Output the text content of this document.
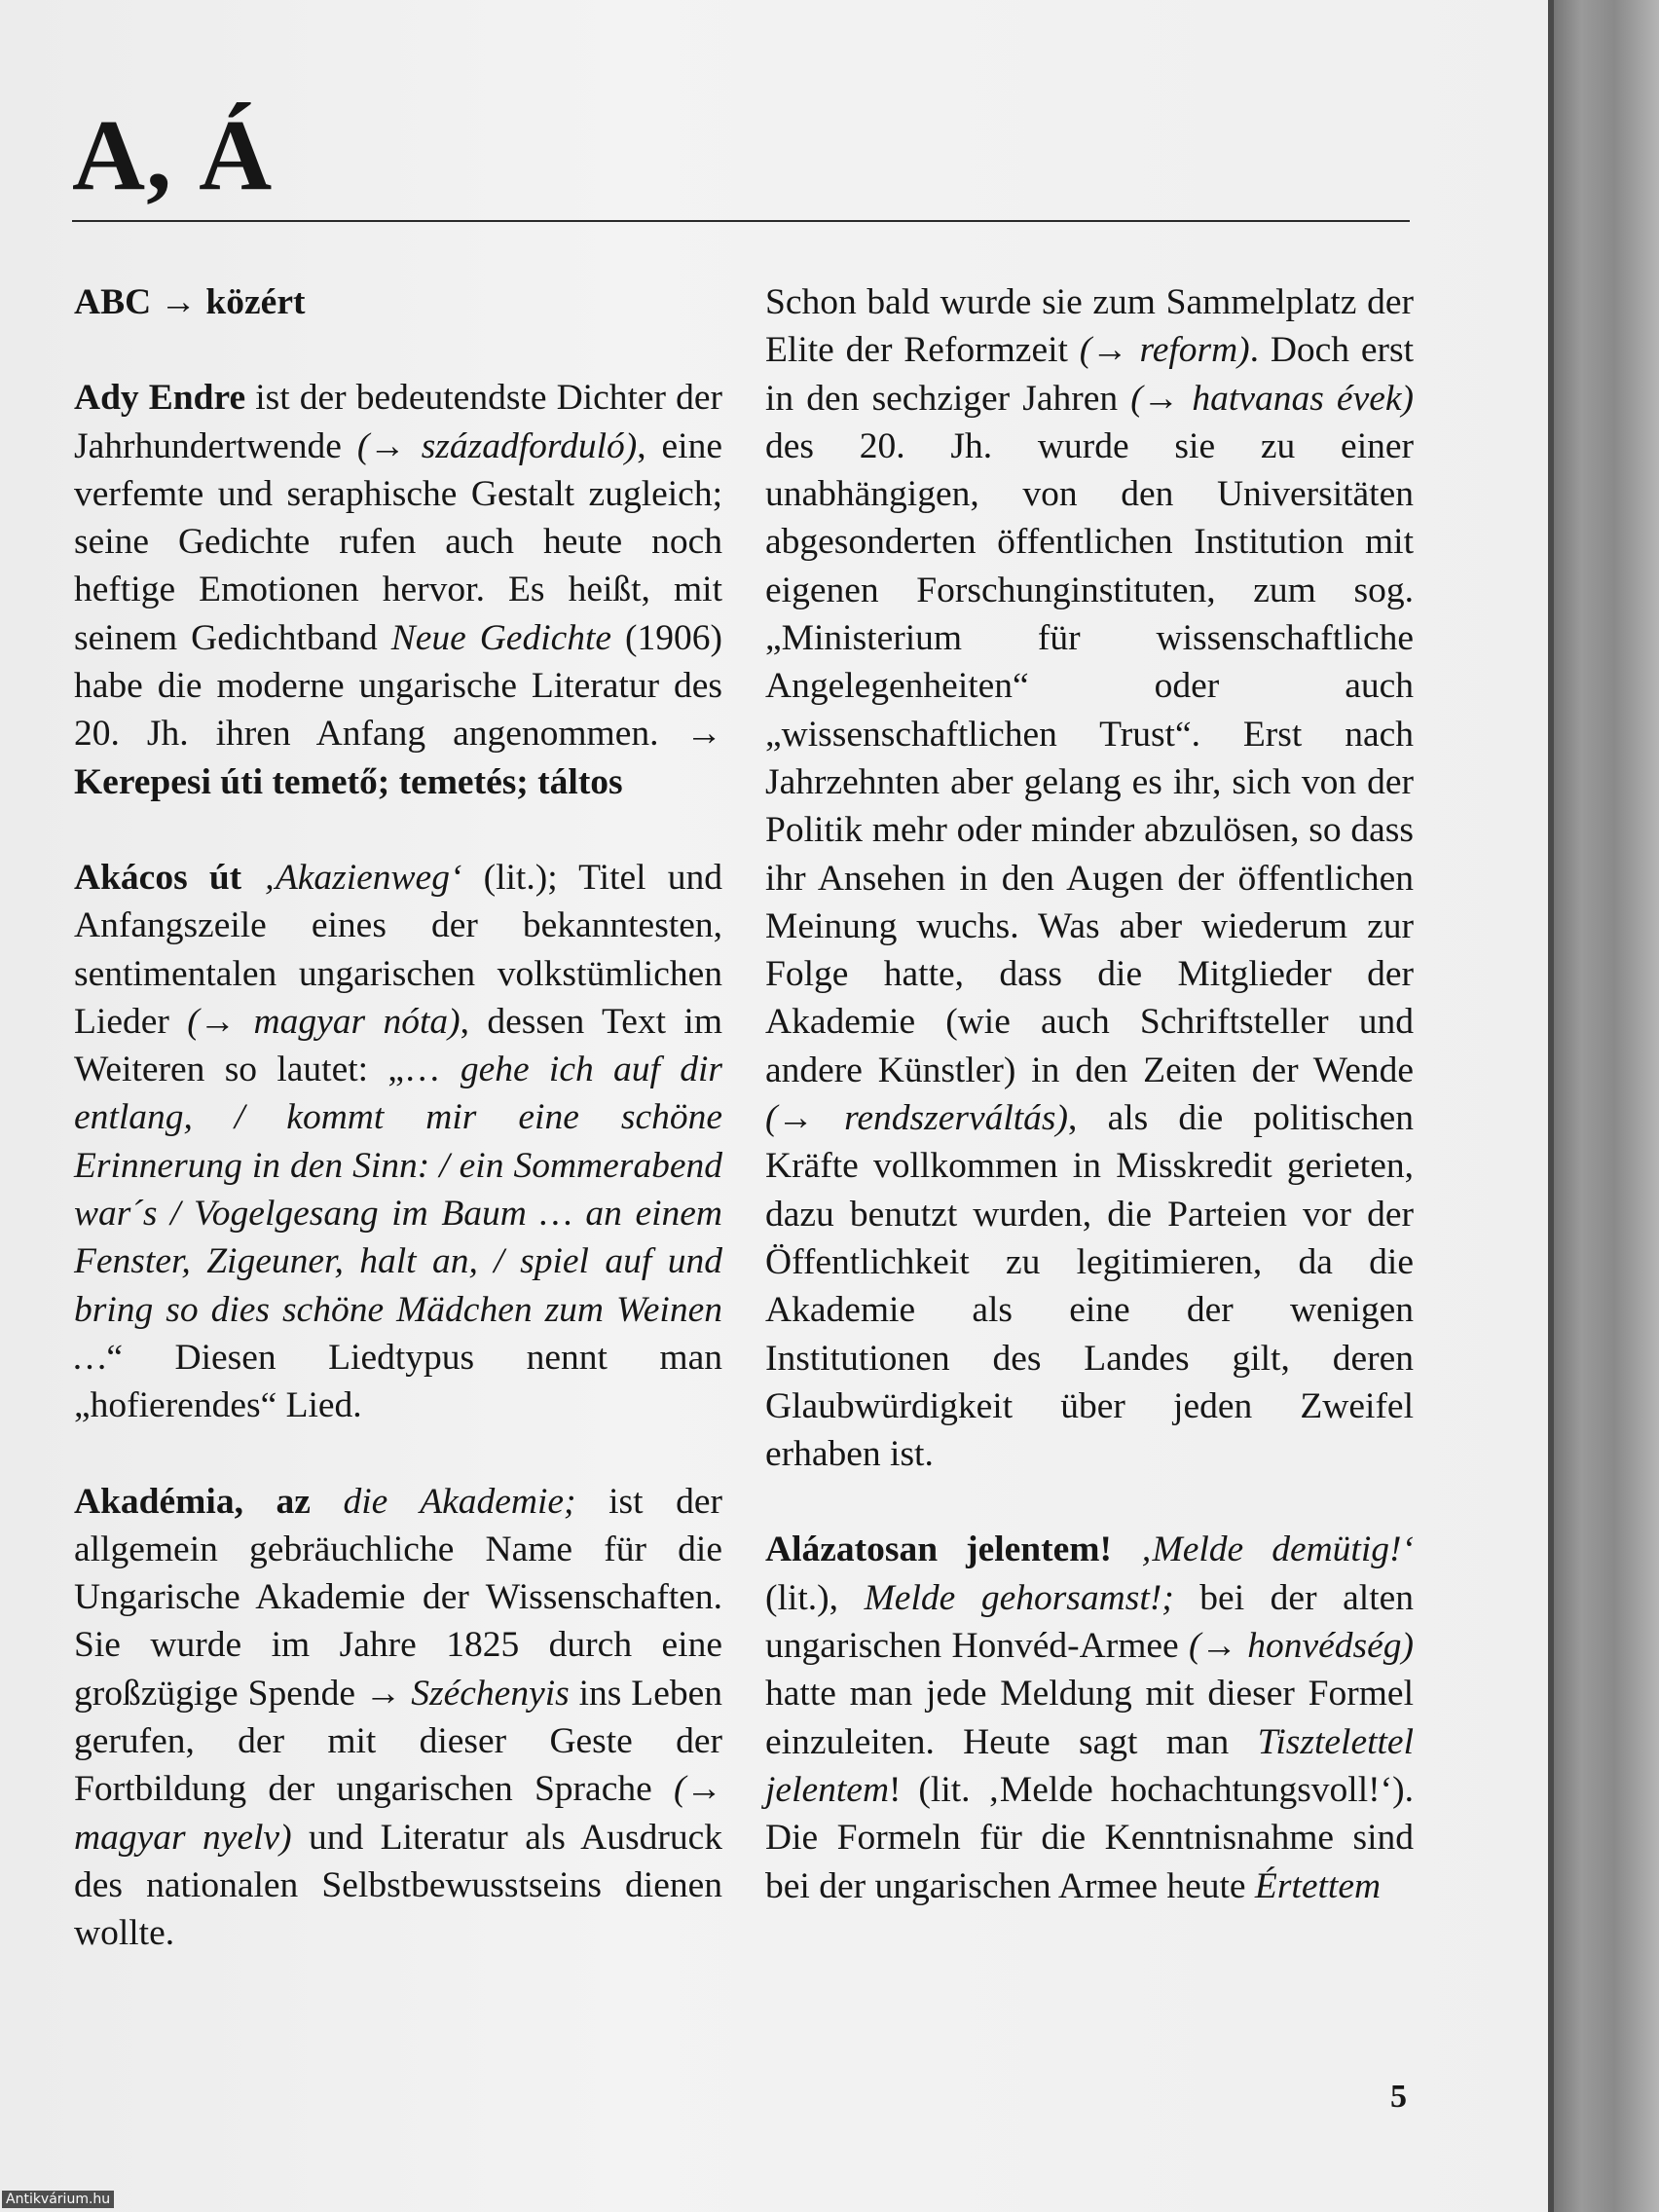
A, Á

ABC → közért

Ady Endre ist der bedeutendste Dichter der Jahrhundertwende (→ századforduló), eine verfemte und seraphische Gestalt zugleich; seine Gedichte rufen auch heute noch heftige Emotionen hervor. Es heißt, mit seinem Gedichtband Neue Gedichte (1906) habe die moderne ungarische Literatur des 20. Jh. ihren Anfang angenommen. → Kerepesi úti temető; temetés; táltos

Akácos út ‚Akazienweg‘ (lit.); Titel und Anfangszeile eines der bekanntesten, sentimentalen ungarischen volkstümlichen Lieder (→ magyar nóta), dessen Text im Weiteren so lautet: „… gehe ich auf dir entlang, / kommt mir eine schöne Erinnerung in den Sinn: / ein Sommerabend war´s / Vogelgesang im Baum … an einem Fenster, Zigeuner, halt an, / spiel auf und bring so dies schöne Mädchen zum Weinen …“ Diesen Liedtypus nennt man „hofierendes“ Lied.

Akadémia, az die Akademie; ist der allgemein gebräuchliche Name für die Ungarische Akademie der Wissenschaften. Sie wurde im Jahre 1825 durch eine großzügige Spende → Széchenyis ins Leben gerufen, der mit dieser Geste der Fortbildung der ungarischen Sprache (→ magyar nyelv) und Literatur als Ausdruck des nationalen Selbstbewusstseins dienen wollte.

Schon bald wurde sie zum Sammelplatz der Elite der Reformzeit (→ reform). Doch erst in den sechziger Jahren (→ hatvanas évek) des 20. Jh. wurde sie zu einer unabhängigen, von den Universitäten abgesonderten öffentlichen Institution mit eigenen Forschunginstituten, zum sog. „Ministerium für wissenschaftliche Angelegenheiten“ oder auch „wissenschaftlichen Trust“. Erst nach Jahrzehnten aber gelang es ihr, sich von der Politik mehr oder minder abzulösen, so dass ihr Ansehen in den Augen der öffentlichen Meinung wuchs. Was aber wiederum zur Folge hatte, dass die Mitglieder der Akademie (wie auch Schriftsteller und andere Künstler) in den Zeiten der Wende (→ rendszerváltás), als die politischen Kräfte vollkommen in Misskredit gerieten, dazu benutzt wurden, die Parteien vor der Öffentlichkeit zu legitimieren, da die Akademie als eine der wenigen Institutionen des Landes gilt, deren Glaubwürdigkeit über jeden Zweifel erhaben ist.

Alázatosan jelentem! ‚Melde demütig!‘ (lit.), Melde gehorsamst!; bei der alten ungarischen Honvéd-Armee (→ honvédség) hatte man jede Meldung mit dieser Formel einzuleiten. Heute sagt man Tisztelettel jelentem! (lit. ‚Melde hochachtungsvoll!‘). Die Formeln für die Kenntnisnahme sind bei der ungarischen Armee heute Értettem

5
Antikvárium.hu
